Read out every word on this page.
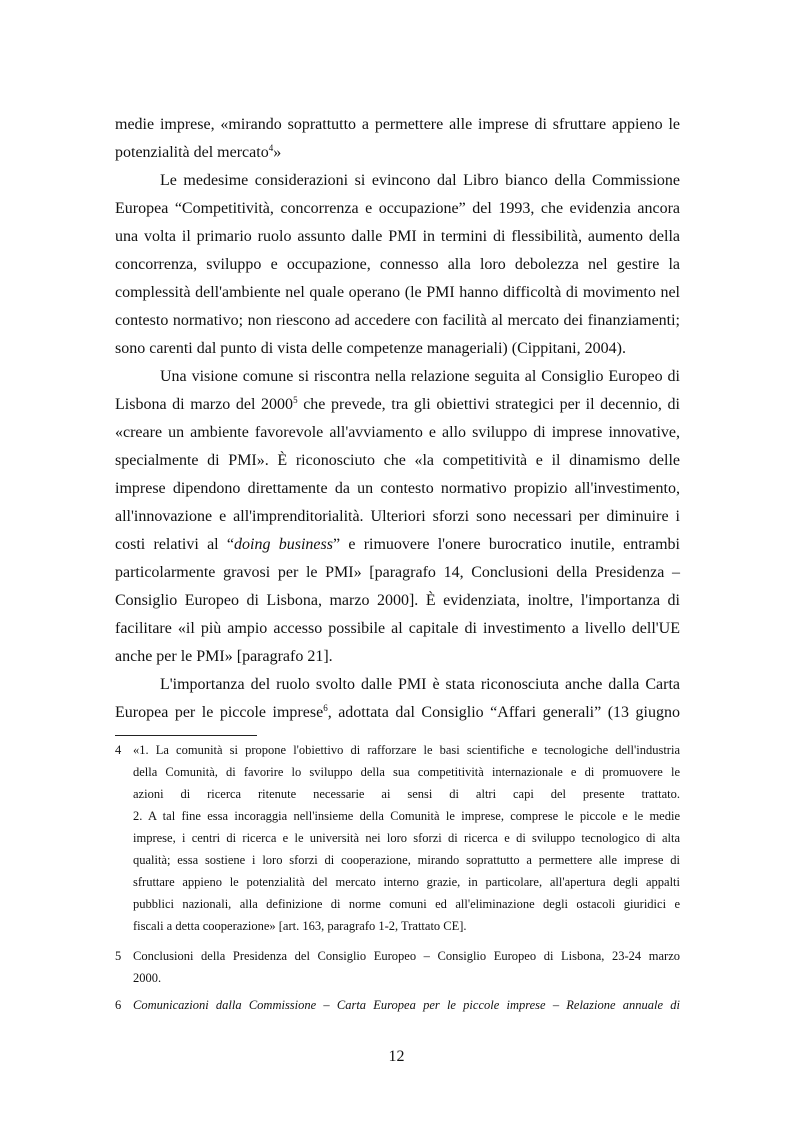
medie imprese, «mirando soprattutto a permettere alle imprese di sfruttare appieno le
potenzialità del mercato$^4$»
Le medesime considerazioni si evincono dal Libro bianco della Commissione
Europea “Competitività, concorrenza e occupazione” del 1993, che evidenzia ancora
una volta il primario ruolo assunto dalle PMI in termini di flessibilità, aumento della
concorrenza, sviluppo e occupazione, connesso alla loro debolezza nel gestire la
complessità dell'ambiente nel quale operano (le PMI hanno difficoltà di movimento nel
contesto normativo; non riescono ad accedere con facilità al mercato dei finanziamenti;
sono carenti dal punto di vista delle competenze manageriali) (Cippitani, 2004).
Una visione comune si riscontra nella relazione seguita al Consiglio Europeo di
Lisbona di marzo del 2000$^5$ che prevede, tra gli obiettivi strategici per il decennio, di
«creare un ambiente favorevole all'avviamento e allo sviluppo di imprese innovative,
specialmente di PMI». È riconosciuto che «la competitività e il dinamismo delle
imprese dipendono direttamente da un contesto normativo propizio all'investimento,
all'innovazione e all'imprenditorialità. Ulteriori sforzi sono necessari per diminuire i
costi relativi al “doing business” e rimuovere l'onere burocratico inutile, entrambi
particolarmente gravosi per le PMI» [paragrafo 14, Conclusioni della Presidenza –
Consiglio Europeo di Lisbona, marzo 2000]. È evidenziata, inoltre, l'importanza di
facilitare «il più ampio accesso possibile al capitale di investimento a livello dell'UE
anche per le PMI» [paragrafo 21].
L'importanza del ruolo svolto dalle PMI è stata riconosciuta anche dalla Carta
Europea per le piccole imprese$^6$, adottata dal Consiglio “Affari generali” (13 giugno
4 «1. La comunità si propone l'obiettivo di rafforzare le basi scientifiche e tecnologiche dell'industria
della Comunità, di favorire lo sviluppo della sua competitività internazionale e di promuovere le
azioni di ricerca ritenute necessarie ai sensi di altri capi del presente trattato.
2. A tal fine essa incoraggia nell'insieme della Comunità le imprese, comprese le piccole e le medie
imprese, i centri di ricerca e le università nei loro sforzi di ricerca e di sviluppo tecnologico di alta
qualità; essa sostiene i loro sforzi di cooperazione, mirando soprattutto a permettere alle imprese di
sfruttare appieno le potenzialità del mercato interno grazie, in particolare, all'apertura degli appalti
pubblici nazionali, alla definizione di norme comuni ed all'eliminazione degli ostacoli giuridici e
fiscali a detta cooperazione» [art. 163, paragrafo 1-2, Trattato CE].
5 Conclusioni della Presidenza del Consiglio Europeo – Consiglio Europeo di Lisbona, 23-24 marzo
2000.
6 Comunicazioni dalla Commissione – Carta Europea per le piccole imprese – Relazione annuale di
12
